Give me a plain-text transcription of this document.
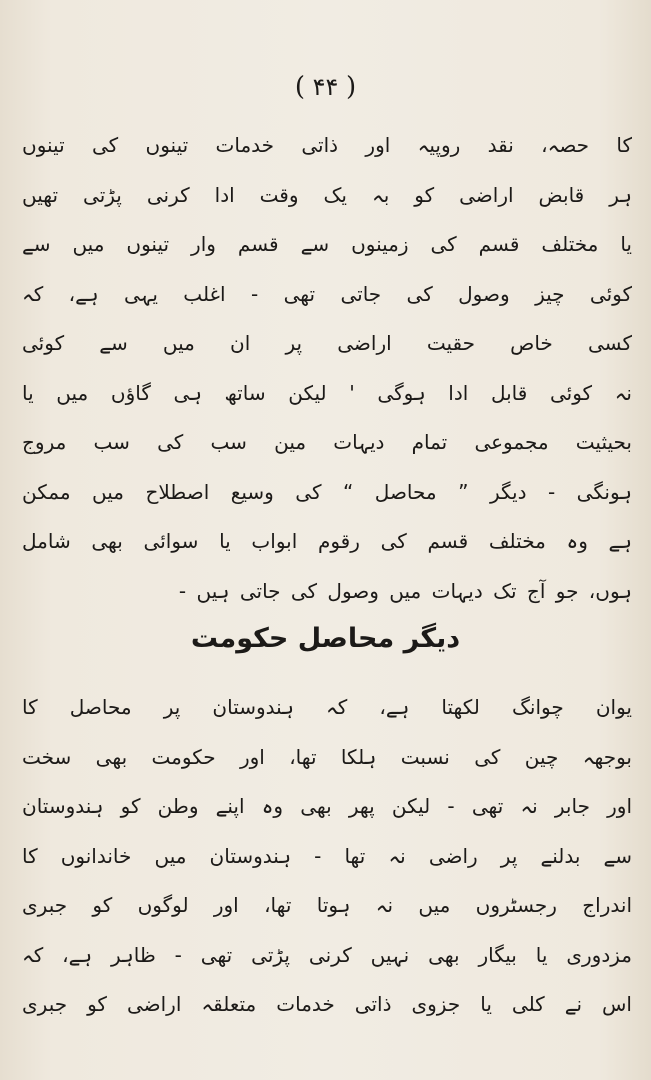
( ۴۴ )
کا حصہ، نقد روپیہ اور ذاتی خدمات تینوں کی تینوں
ہر قابض اراضی کو بہ یک وقت ادا کرنی پڑتی تھیں
یا مختلف قسم کی زمینوں سے قسم وار تینوں میں سے
کوئی چیز وصول کی جاتی تھی - اغلب یہی ہے، کہ
کسی خاص حقیت اراضی پر ان میں سے کوئی
نہ کوئی قابل ادا ہوگی ' لیکن ساتھ ہی گاؤں میں یا
بحیثیت مجموعی تمام دیہات مین سب کی سب مروج
ہونگی - دیگر ” محاصل “ کی وسیع اصطلاح میں ممکن
ہے وہ مختلف قسم کی رقوم ابواب یا سوائی بھی شامل
ہوں، جو آج تک دیہات میں وصول کی جاتی ہیں -
دیگر محاصل حکومت
یوان چوانگ لکھتا ہے، کہ ہندوستان پر محاصل کا
بوجھہ چین کی نسبت ہلکا تھا، اور حکومت بھی سخت
اور جابر نہ تھی - لیکن پھر بھی وہ اپنے وطن کو ہندوستان
سے بدلنے پر راضی نہ تھا - ہندوستان میں خاندانوں کا
اندراج رجسٹروں میں نہ ہوتا تھا، اور لوگوں کو جبری
مزدوری یا بیگار بھی نہیں کرنی پڑتی تھی - ظاہر ہے، کہ
اس نے کلی یا جزوی ذاتی خدمات متعلقہ اراضی کو جبری
